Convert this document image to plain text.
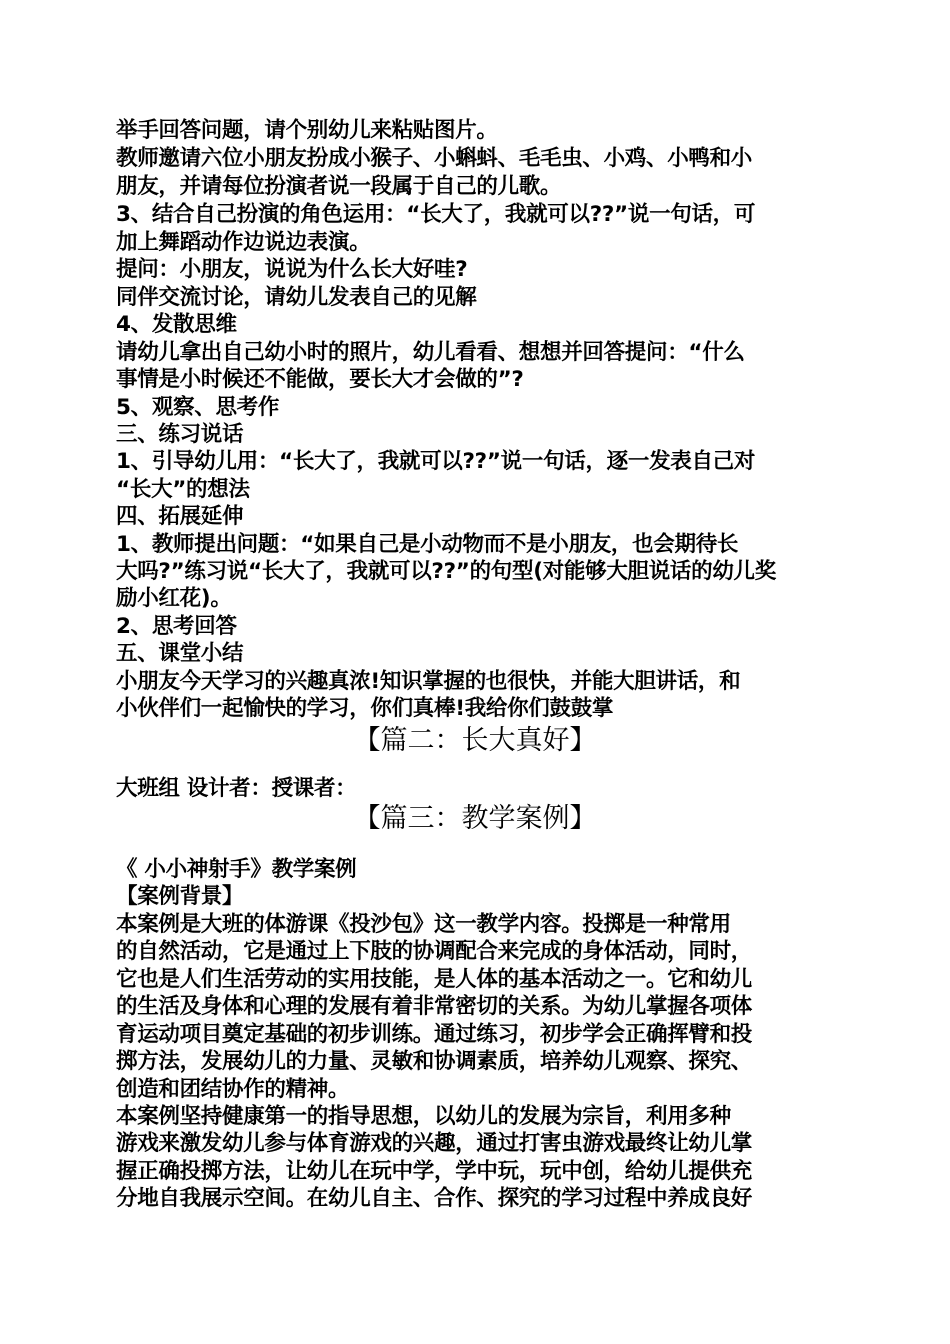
举手回答问题，请个别幼儿来粘贴图片。
教师邀请六位小朋友扮成小猴子、小蝌蚪、毛毛虫、小鸡、小鸭和小
朋友，并请每位扮演者说一段属于自己的儿歌。
3、结合自己扮演的角色运用：“长大了，我就可以??”说一句话，可
加上舞蹈动作边说边表演。
提问：小朋友，说说为什么长大好哇?
同伴交流讨论，请幼儿发表自己的见解
4、发散思维
请幼儿拿出自己幼小时的照片，幼儿看看、想想并回答提问：“什么
事情是小时候还不能做，要长大才会做的”?
5、观察、思考作
三、练习说话
1、引导幼儿用：“长大了，我就可以??”说一句话，逐一发表自己对
“长大”的想法
四、拓展延伸
1、教师提出问题：“如果自己是小动物而不是小朋友，也会期待长
大吗?”练习说“长大了，我就可以??”的句型(对能够大胆说话的幼儿奖
励小红花)。
2、思考回答
五、课堂小结
小朋友今天学习的兴趣真浓!知识掌握的也很快，并能大胆讲话，和
小伙伴们一起愉快的学习，你们真棒!我给你们鼓鼓掌
【篇二：长大真好】
大班组 设计者：授课者：
【篇三：教学案例】
《 小小神射手》教学案例
【案例背景】
本案例是大班的体游课《投沙包》这一教学内容。投掷是一种常用
的自然活动，它是通过上下肢的协调配合来完成的身体活动，同时，
它也是人们生活劳动的实用技能，是人体的基本活动之一。它和幼儿
的生活及身体和心理的发展有着非常密切的关系。为幼儿掌握各项体
育运动项目奠定基础的初步训练。通过练习，初步学会正确挥臂和投
掷方法，发展幼儿的力量、灵敏和协调素质，培养幼儿观察、探究、
创造和团结协作的精神。
本案例坚持健康第一的指导思想，以幼儿的发展为宗旨，利用多种
游戏来激发幼儿参与体育游戏的兴趣，通过打害虫游戏最终让幼儿掌
握正确投掷方法，让幼儿在玩中学，学中玩，玩中创，给幼儿提供充
分地自我展示空间。在幼儿自主、合作、探究的学习过程中养成良好
